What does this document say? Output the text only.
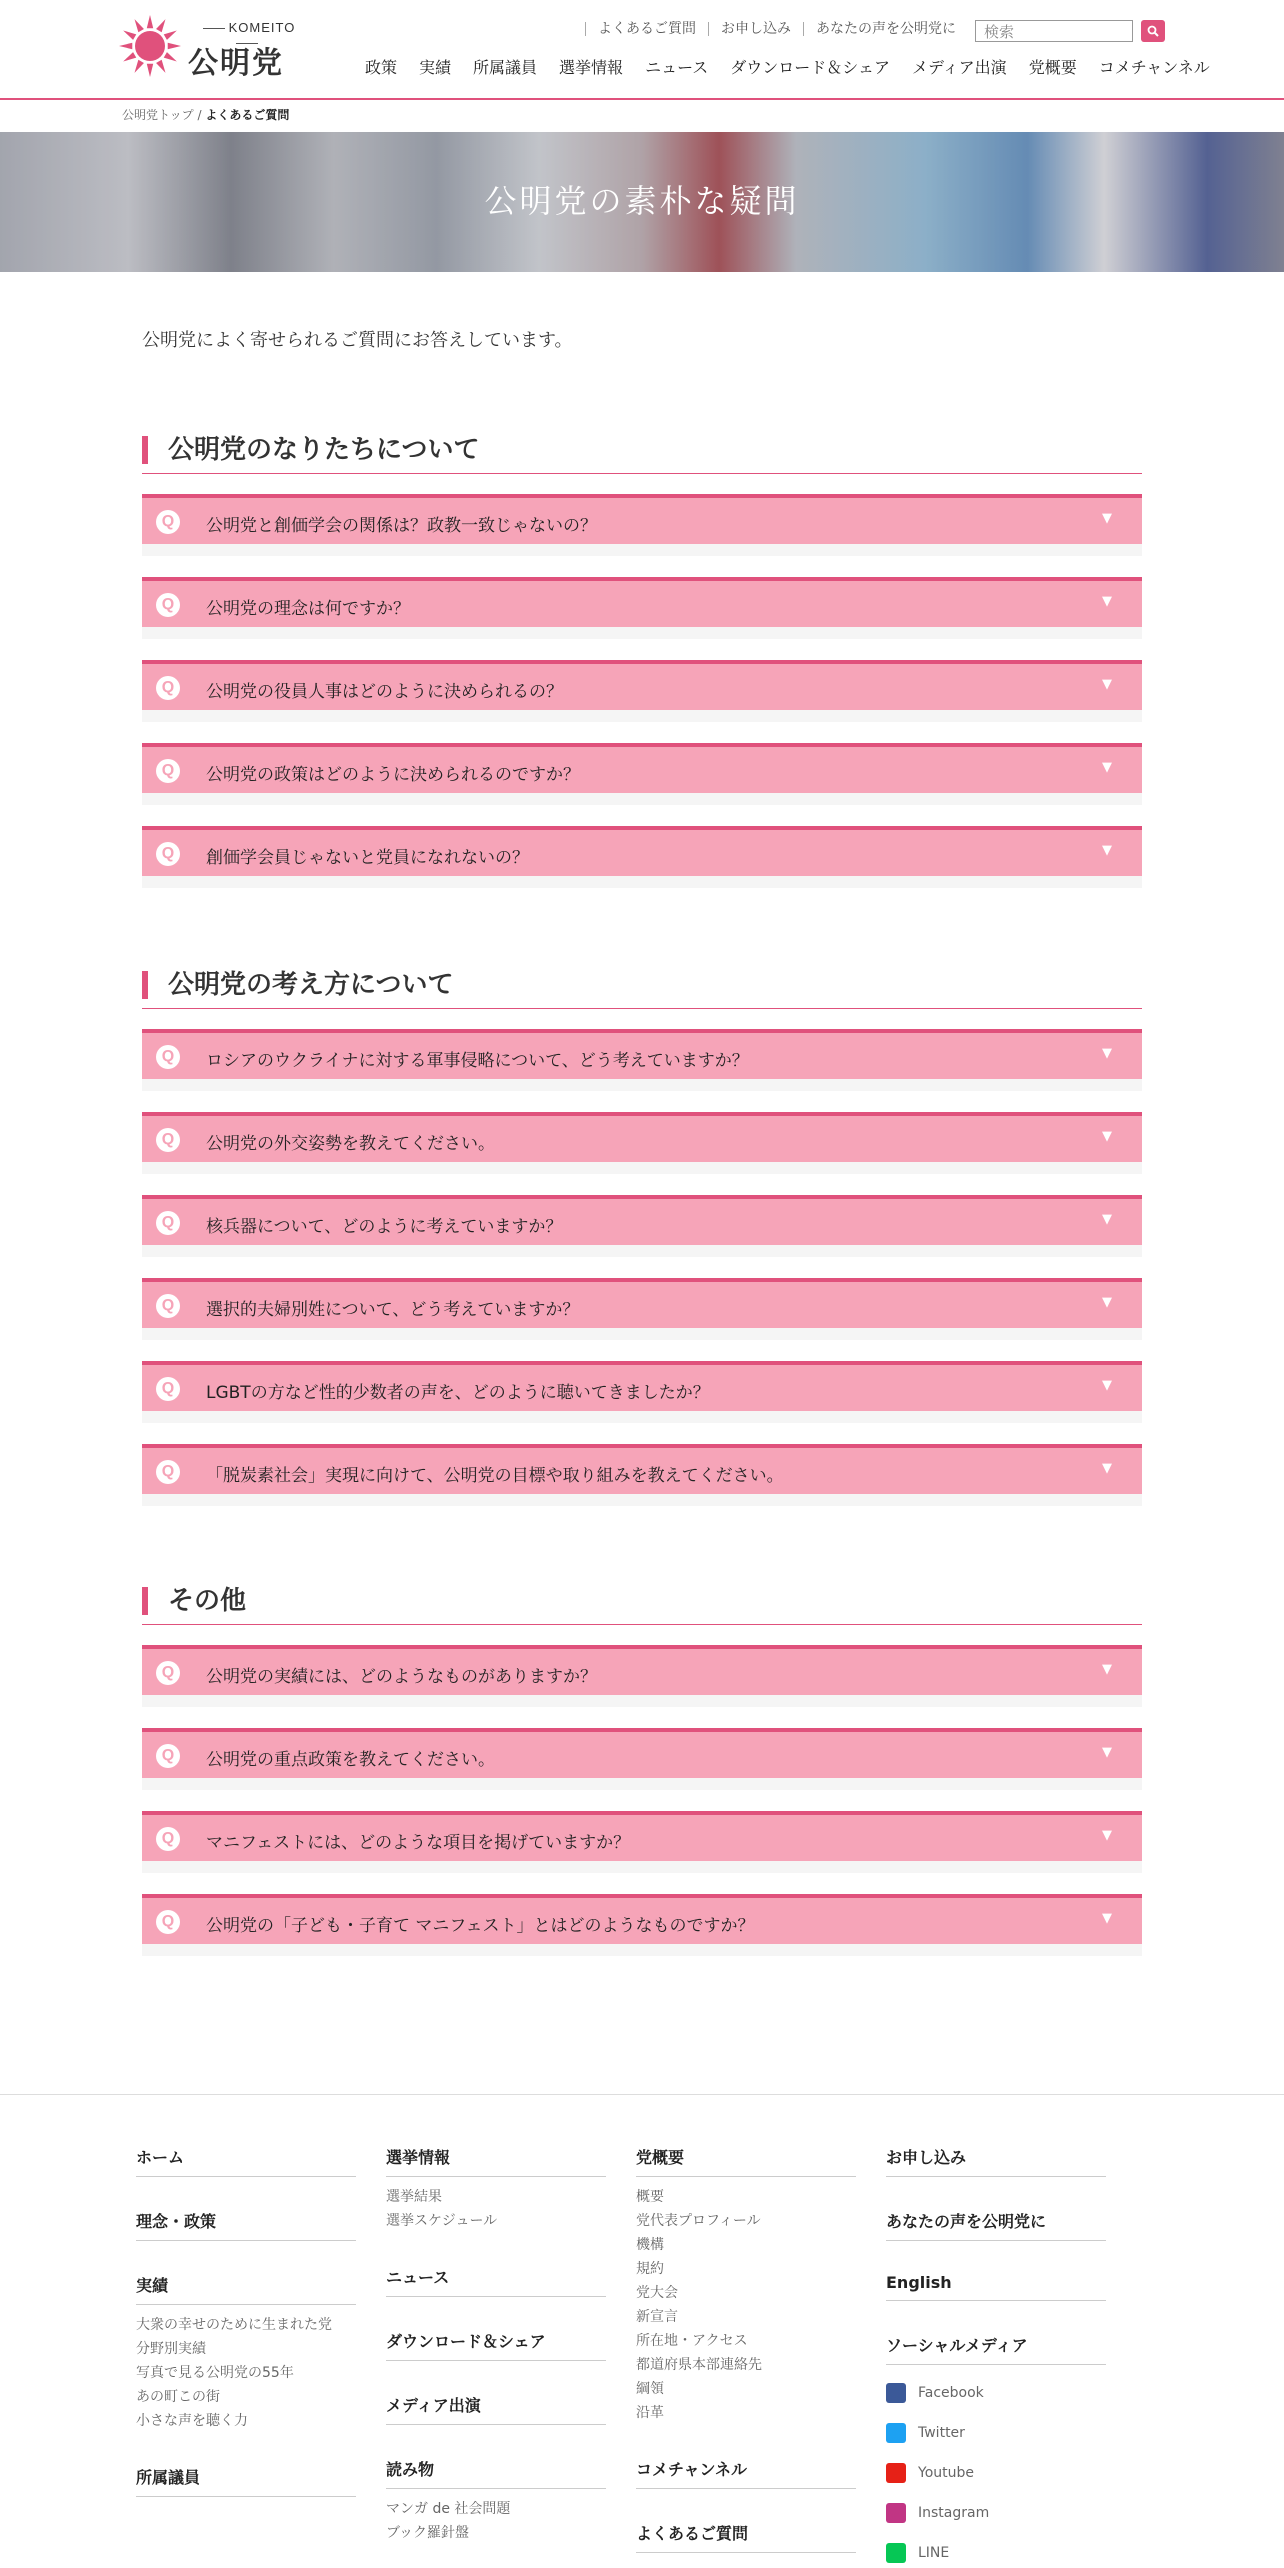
KOMEITO
公明党
よくあるご質問	お申し込み	あなたの声を公明党に	検索
政策 実績 所属議員 選挙情報 ニュース ダウンロード＆シェア メディア出演 党概要 コメチャンネル
公明党トップ / よくあるご質問
公明党の素朴な疑問
公明党によく寄せられるご質問にお答えしています。
公明党のなりたちについて
Q	公明党と創価学会の関係は？政教一致じゃないの？	▼
Q	公明党の理念は何ですか？	▼
Q	公明党の役員人事はどのように決められるの？	▼
Q	公明党の政策はどのように決められるのですか？	▼
Q	創価学会員じゃないと党員になれないの？	▼
公明党の考え方について
Q	ロシアのウクライナに対する軍事侵略について、どう考えていますか？	▼
Q	公明党の外交姿勢を教えてください。	▼
Q	核兵器について、どのように考えていますか？	▼
Q	選択的夫婦別姓について、どう考えていますか？	▼
Q	LGBTの方など性的少数者の声を、どのように聴いてきましたか？	▼
Q	「脱炭素社会」実現に向けて、公明党の目標や取り組みを教えてください。	▼
その他
Q	公明党の実績には、どのようなものがありますか？	▼
Q	公明党の重点政策を教えてください。	▼
Q	マニフェストには、どのような項目を掲げていますか？	▼
Q	公明党の「子ども・子育て マニフェスト」とはどのようなものですか？	▼
ホーム
理念・政策
実績
大衆の幸せのために生まれた党
分野別実績
写真で見る公明党の55年
あの町この街
小さな声を聴く力
所属議員
選挙情報
選挙結果
選挙スケジュール
ニュース
ダウンロード＆シェア
メディア出演
読み物
マンガ de 社会問題
ブック羅針盤
党概要
概要
党代表プロフィール
機構
規約
党大会
新宣言
所在地・アクセス
都道府県本部連絡先
綱領
沿革
コメチャンネル
よくあるご質問
お申し込み
あなたの声を公明党に
English
ソーシャルメディア
Facebook
Twitter
Youtube
Instagram
LINE
